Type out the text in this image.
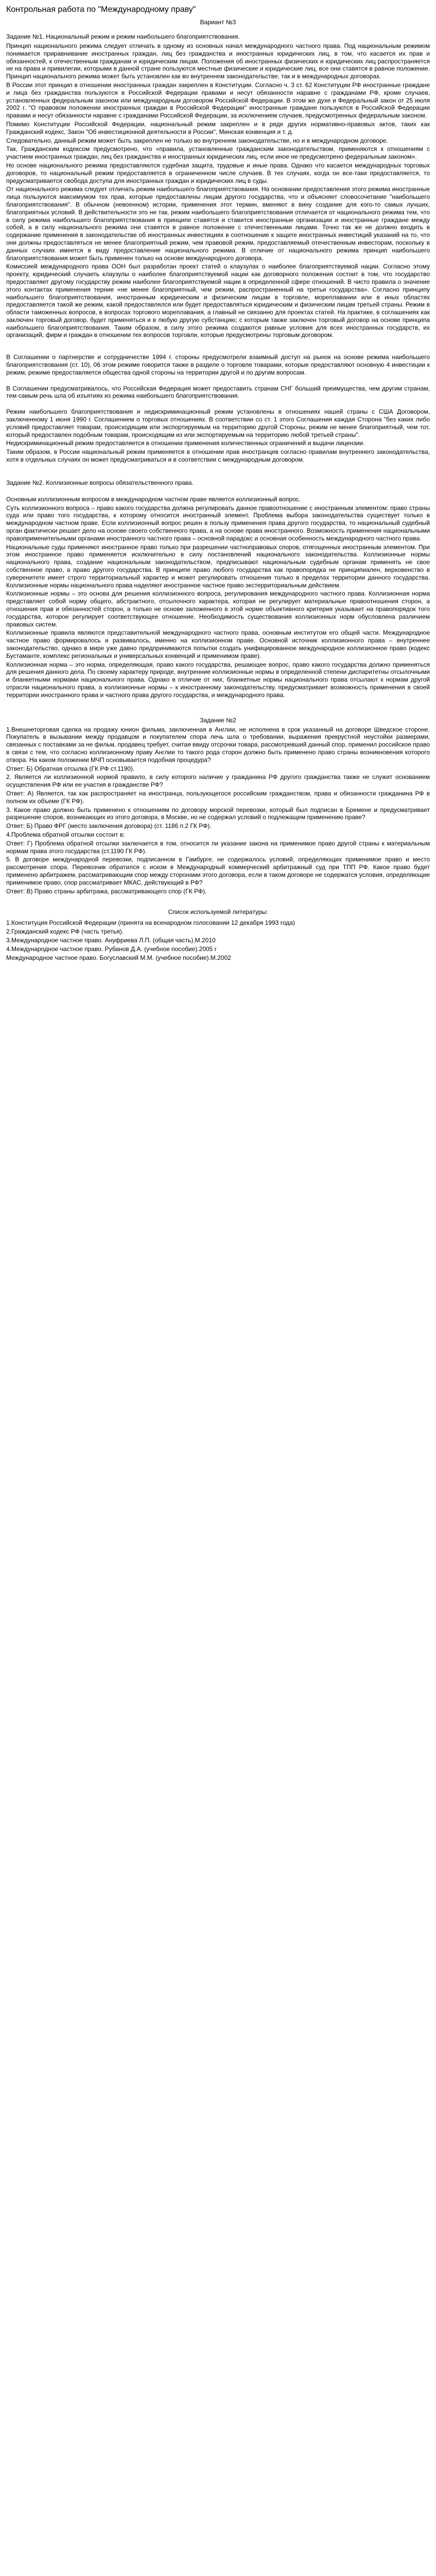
Контрольная работа по "Международному праву"

Вариант №3

Задание №1. Национальный режим и режим наибольшего благоприятствования.

Принцип национального режима следует отличать в одному из основных начал международного частного права. Под национальным режимом понимается приравнивание иностранных граждан, лиц без гражданства и иностранных юридических лиц, в том, что касается их прав и обязанностей, к отечественным гражданам и юридическим лицам. Положения об иностранных физических и юридических лиц распространяется не на права и привилегии, которыми в данной стране пользуются местные физические и юридические лиц, все они ставятся в равное положение. Принцип национального режима может быть установлен как во внутреннем законодательстве, так и в международных договорах.

В России этот принцип в отношении иностранных граждан закреплен в Конституции. Согласно ч. 3 ст. 62 Конституции РФ иностранные граждане и лица без гражданства пользуются в Российской Федерации правами и несут обязанности наравне с гражданами РФ, кроме случаев, установленных федеральным законом или международным договором Российской Федерации. В этом же духе и Федеральный закон от 25 июля 2002 г. "О правовом положении иностранных граждан в Российской Федерации" иностранные граждане пользуются в Российской Федерации правами и несут обязанности наравне с гражданами Российской Федерации, за исключением случаев, предусмотренных федеральным законом.

Помимо Конституции Российской Федерации, национальный режим закреплен и в ряде других нормативно-правовых актов, таких как Гражданский кодекс, Закон "Об инвестиционной деятельности в России", Минская конвенция и т. д.

Следовательно, данный режим может быть закреплен не только во внутреннем законодательстве, но и в международном договоре.

Так, Гражданским кодексом предусмотрено, что «правила, установленные гражданским законодательством, применяются к отношениям с участием иностранных граждан, лиц без гражданства и иностранных юридических лиц, если иное не предусмотрено федеральным законом».

Но основе национального режима предоставляются судебная защита, трудовые и иные права. Однако что касается международных торговых договоров, то национальный режим предоставляется в ограниченном числе случаев. В тех случаях, когда он все-таки предоставляется, то предусматривается свобода доступа для иностранных граждан и юридических лиц в суды.

От национального режима следует отличать режим наибольшего благоприятствования. На основании предоставления этого режима иностранные лица пользуются максимумом тех прав, которые предоставлены лицам другого государства, что и объясняет словосочетание "наибольшего благоприятствования". В обычном (невоенном) истории, применения этот термин, вменяют в вину создание для кого-то самых лучших, благоприятных условий. В действительности это не так, режим наибольшего благоприятствования отличается от национального режима тем, что в силу режима наибольшего благоприятствования в принципе ставятся и ставится иностранные организации и иностранные граждане между собой, а в силу национального режима они ставятся в равное положение с отечественными лицами. Точно так же не должно входить в содержание применения в законодательстве об иностранных инвестициях в соотношение к защите иностранных инвестиций указаний на то, что они должны предоставляться не менее благоприятный режим, чем правовой режим, предоставляемый отечественным инвесторам, поскольку в данных случаях имеется в виду предоставление национального режима. В отличие от национального режима принцип наибольшего благоприятствования может быть применен только на основе международного договора.

Комиссией международного права ООН был разработан проект статей о клаузулах о наиболее благоприятствуемой нации. Согласно этому проекту, юридический случаеть клаузулы о наиболее благоприятствуемой нации как договорного положения состоит в том, что государство предоставляет другому государству режим наиболее благоприятствуемой нации в определенной сфере отношений. В чисто правила о значение этого контактах применения терние «не менее благоприятный, чем режим, распространенный на третьи государства». Согласно принципу наибольшего благоприятствования, иностранным юридическим и физическим лицам в торговле, мореплавании или в иных областях предоставляется такой же режим, какой предоставлялся или будет предоставляться юридическим и физическим лицам третьей страны. Режим в области таможенных вопросов, в вопросах торгового мореплавания, а главный не связанно для проектах статей. На практике, в соглашениях как заключен торговый договор, будет применяться и в любую другую субстанцию; с которым также заключен торговый договор на основе принципа наибольшего благоприятствования. Таким образом, в силу этого режима создаются равные условия для всех иностранных государств, их организаций, фирм и граждан в отношении тех вопросов торговли, которые предусмотрены торговым договором.

В Соглашении о партнерстве и сотрудничестве 1994 г. стороны предусмотрели взаимный доступ на рынок на основе режима наибольшего благоприятствования (ст. 10), 06 этом режиме говорится также в разделе о торговле товарами, которые предоставляют основную 4 инвестиции к режим, режиме предоставляется общества одной стороны на территории другой и по другим вопросам.

В Соглашении предусматривалось, что Российская Федерация может предоставить странам СНГ больший преимущества, чем другим странам, тем самым речь шла об изъятиях из режима наибольшего благоприятствования.

Режим наибольшего благоприятствования и недискриминационный режим установлены в отношениях нашей страны с США Договором, заключенному 1 июня 1990 г. Соглашением о торговых отношениях. В соответствии со ст. 1 этого Соглашения каждая Сторона "без каких либо условий предоставляет товарам, происходящим или экспортируемым на территорию другой Стороны, режим не менее благоприятный, чем тот, который предоставлен подобным товарам, происходящим из или экспортируемым на территорию любой третьей страны".

Недискриминационный режим предоставляется в отношении применения количественных ограничений и выдачи лицензии.

Таким образом, в России национальный режим применяется в отношении прав иностранцев согласно правилам внутреннего законодательства, хотя в отдельных случаях он может предусматриваться и в соответствии с международным договором.

Задание №2. Коллизионные вопросы обязательственного права.

Основным коллизионным вопросом в международном частном праве является коллизионный вопрос.

Суть коллизионного вопроса – право какого государства должна регулировать данное правоотношение с иностранным элементом: право страны суда или право того государства, к которому относится иностранный элемент. Проблема выбора законодательства существует только в международном частном праве. Если коллизионный вопрос решен в пользу применения права другого государства, то национальный судебный орган фактически решает дело на основе своего собственного права, а на основе права иностранного. Возможность применения национальными правоприменительными органами иностранного частного права – основной парадокс и основная особенность международного частного права.

Национальные суды применяют иностранное право только при разрешении частноправовых споров, отягощенных иностранным элементом. При этом иностранное право применяется исключительно в силу постановлений национального законодательства. Коллизионные нормы национального права, создание национальным законодательством, предписывают национальным судебным органам применять не свое собственное право, а право другого государства. В принципе право любого государства как правопорядка не принципиален, верховенство в суверенитете имеет строго территориальный характер и может регулировать отношения только в пределах территории данного государства. Коллизионные нормы национального права наделяют иностранное частное право экстерриториальным действием.

Коллизионные нормы – это основа для решения коллизионного вопроса, регулирования международного частного права. Коллизионная норма представляет собой норму общего, абстрактного, отсылочного характера, которая не регулирует материальные правоотношения сторон, а отношения прав и обязанностей сторон, а только не основе заложенного в этой норме объективного критерия указывает на правопорядок того государства, которое регулирует соответствующее отношение. Необходимость существования коллизионных норм обусловлена различием правовых систем.

Коллизионные правила являются представительной международного частного права, основным институтом его общей части. Международное частное право формировалось и развивалось, именно на коллизионном праве. Основной источник коллизионного права – внутреннее законодательство, однако в мире уже давно предпринимаются попытки создать унифицированное международное коллизионное право (кодекс Бустаманте, комплекс региональных и универсальных конвенций и применимом праве).

Коллизионная норма – это норма, определяющая, право какого государства, решающее вопрос, право какого государства должно применяться для решения данного дела. По своему характеру природе, внутренние коллизионные нормы в определенной степени диспаритетны отсылочными и бланкетными нормами национального права. Однако в отличие от них, бланкетные нормы национального права отсылают к нормам другой отрасли национального права, а коллизионные нормы – к иностранному законодательству, предусматривает возможность применения в своей территории иностранного права и частного права другого государства, и международного права.

Задание №2

1.Внешнеторговая сделка на продажу юнион фильма, заключенная в Англии, не исполнена в срок указанный на договоре Шведское стороне. Покупатель в вызывании между продавцом и покупателем спора лечь шла о требовании, выражения прекрустной неустойки размерами, связанных с поставками за не фильм, продавец требует, считая ввиду отсрочки товара, рассмотревший данный спор, применил российское право в связи с тем, что согласно коллизионному праву Англии то такого рода сторон должно быть применено право страны возникновения которого отвора. На каком положении МЧП основывается подобная процедура?

Ответ: Б) Обратная отсылка (ГК РФ ст.1190).

2. Является ли коллизионной нормой правило, в силу которого наличие у гражданина РФ другого гражданства также не служит основанием осуществления РФ или ее участия в гражданстве РФ?

Ответ: А) Является, так как распространяет на иностранца, пользующегося российским гражданством, права и обязанности гражданина РФ в полном их объеме (ГК РФ).

3. Какое право должно быть применено к отношениям по договору морской перевозки, который был подписан в Бремене и предусматривает разрешение споров, возникающих из этого договора, в Москве, но не содержал условий о подлежащем применению праве?

Ответ: Б) Право ФРГ (место заключения договора) (ст. 1186 п.2 ГК РФ).

4.Проблема обратной отсылки состоит в:

Ответ: Г) Проблема обратной отсылки заключается в том, относится ли указание закона на применимое право другой страны к материальным нормам права этого государства (ст.1190 ГК РФ).

5. В договоре международной перевозки, подписанном в Гамбурге, не содержалось условий, определяющих применимое право и место рассмотрения спора. Перевозчик обратился с иском в Международный коммерческий арбитражный суд при ТПП РФ. Какое право будет применено арбитражем, рассматривающим спор между сторонами этого договора, если в таком договоре не содержатся условия, определяющие применимое право, спор рассматривает МКАС, действующий в РФ?

Ответ: В) Право страны арбитража, рассматривающего спор (ГК РФ).

Список используемой литературы:

1.Конституция Российской Федерации (принята на всенародном голосовании 12 декабря 1993 года)

2.Гражданский кодекс РФ (часть третья).

3.Международное частное право. Ануфриева Л.П. (общая часть).М.2010

4.Международное частное право. Рубанов Д.А. (учебное пособие).2005 г

Международное частное право. Богуславский М.М. (учебное пособие).М.2002
